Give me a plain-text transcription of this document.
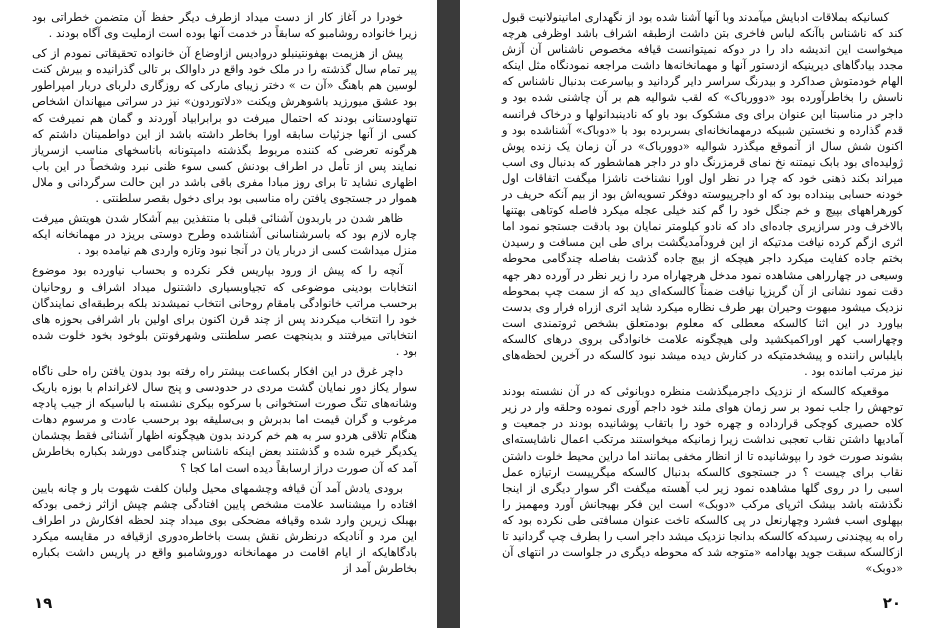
خودرا در آغاز کار از دست میداد ازطرف دیگر حفظ آن متضمن خطراتی بود زیرا خانواده روشامبو که سابقاً در خدمت آنها بوده است ازملیت وی آگاه بودند .

پیش از هزیمت بهفونتینبلو دروادیس ازاوضاع آن خانواده تحقیقاتی نمودم از کی پیر تمام سال گذشته را در ملک خود واقع در داوالک بر تالی گذرانیده و بیرش کنت لوسین هم باهنگ «آن ت » دختر زیبای مارکی که روزگاری دلربای دربار امپراطور بود عشق میورزید باشوهرش ویکنت «دلاتوردون» نیز در سراتی میهاندان اشخاص تنهاودستانی بودند که احتمال میرفت دو برابرابیاد آوردند و گمان هم نمیرفت که کسی از آنها جزئیات سابقه اورا بخاطر داشته باشد از این دواطمینان داشتم که هرگونه تعرضی که کننده مربوط بگذشته دامپتونانه باناسخهای مناسب ازسریاز نمایند پس از تأمل در اطراف بودنش کسی سوء ظنی نبرد وشخصاً در این باب اظهاری نشاید تا برای روز مبادا مفری باقی باشد در این حالت سرگردانی و ملال هموار در جستجوی یافتن راه مناسبی بود برای دخول بقصر سلطنتی .

ظاهر شدن در باربدون آشنائی قبلی با منتفذین بیم آشکار شدن هویتش میرفت چاره لازم بود که باسرشناسانی آشناشده وطرح دوستی بریزد در مهمانخانه ایکه منزل میداشت کسی از دربار یان در آنجا نبود وتازه واردی هم نیامده بود .

آنچه را که پیش از ورود بپاریس فکر نکرده و بحساب نیاورده بود موضوع انتخابات بودینی موضوعی که تجیاوبسیاری داشتنول میداد اشراف و روحانیان برحسب مراتب خانوادگی بامقام روحانی انتخاب نمیشدند بلکه برطبقه‌ای نمایندگان خود را انتخاب میکردند پس از چند قرن اکنون برای اولین بار اشرافی بحوزه های انتخاباتی میرفتند و بدینجهت عصر سلطنتی وشهرفونتن بلوخود بخود خلوت شده بود .

داچر غرق در این افکار بکساعت بیشتر راه رفته بود بدون یافتن راه حلی ناگاه سوار یکاز دور نمایان گشت مردی در حدودسی و پنج سال لاغراندام با بوزه باریک وشانه‌های تنگ صورت استخوانی با سرکوه بیکری نشسته با لباسیکه از جیب پادچه مرغوب و گران قیمت اما بدبرش و بی‌سلیقه بود برحسب عادت و مرسوم دهات هنگام تلاقی هردو سر به هم خم کردند بدون هیچگونه اظهار آشنائی فقط بچشمان یکدیگر خیره شده و گذشتند بعض اینکه ناشناس چندگامی دورشد بکباره بخاطرش آمد که آن صورت دراز ارسابقاً دیده است اما کجا ؟

برودی یادش آمد آن قیافه وچشمهای محیل ولبان کلفت شهوت بار و چانه بایین افتاده را میشناسد علامت مشخص پایین افتادگی چشم چپش ازاثر زخمی بودکه بهبلک زیرین وارد شده وقیافه مضحکی بوی میداد چند لحظه افکارش در اطراف این مرد و آنادیکه درنظرش نقش بست باخاطره‌دوری ازقیافه در مقایسه میکرد بادگاهایکه از ایام اقامت در مهمانخانه دوروشامبو واقع در پاریس داشت بکباره بخاطرش آمد از

۱۹

کسانیکه بملاقات ادبایش میآمدند وبا آنها آشنا شده بود از نگهداری امانینولانیت قبول کند که ناشناس باآنکه لباس فاخری بتن داشت ازطبقه اشراف باشد اوظرفی هرچه میخواست این اندیشه داد را در دوکه نمیتوانست قیافه مخصوص ناشناس آن آزش مجدد بیادگاهای دیرینیکه ازدستور آنها و مهمانخانه‌ها داشت مراجعه نمودنگاه مثل اینکه الهام خودمتوش صداکرد و بیدرنگ سراسر دایر گردانید و بیاسرعت بدنبال ناشناس که ناسش را بخاطرآورده بود «دوورباک» که لقب شوالیه هم بر آن چاشنی شده بود و داجر در مناسبتا این عنوان برای وی مشکوک بود باو که نادینبدانولها و درخاک فرانسه قدم گذارده و نخستین شبیکه درمهمانخانه‌ای بسربرده بود با «دوباک» آشناشده بود و اکنون شش سال از آنموقع میگذرد شوالیه «دوورباک» در آن زمان یک زنده پوش ژولیده‌ای بود بابک نیمتنه نخ نمای قرمزرنگ داو در داجر هماشطور که بدنبال وی اسب میراند بکند ذهنی خود که چرا در نظر اول اورا نشناخت ناشزا میگفت اتفاقات اول خودنه حسابی بینداده بود که او داجرپیوسته دوفکر تسویه‌اش بود از بیم آنکه حریف در کورهراههای بپیچ و خم جنگل خود را گم کند خیلی عجله میکرد فاصله کوتاهی بهتنها بالاخرف ودر سرازیری جاده‌ای داد که نادو کیلومتر نمایان بود بادقت جستجو نمود اما اثری ازگم کرده نیافت مدتیکه از این فرودآمدیگشت برای طی این مسافت و رسیدن بختم جاده کفایت میکرد داجر هیچکه از بیچ جاده گذشت بفاصله چندگامی محوطه وسیعی در چهارراهی مشاهده نمود مدخل هرچهاراه مرد را زیر نظر در آورده دهر جهه دقت نمود نشانی از آن گریزپا نیافت ضمناً کالسکه‌ای دید که از سمت چپ بمحوطه نزدیک میشود مبهوت وحیران بهر طرف نظاره میکرد شاید اثری ازراه فرار وی بدست بیاورد در این اثنا کالسکه معطلی که معلوم بودمتعلق بشخص ثروتمندی است وچهاراسب کهر اوراکمیکشید ولی هیچگونه علامت خانوادگی بروی درهای کالسکه بایلباس راننده و پیشخدمتیکه در کنارش دیده میشد نبود کالسکه در آخرین لحظه‌های نیز مرتب امانده بود .

موقعیکه کالسکه از نزدیک داجرمیگذشت منظره دوبانوئی که در آن نشسته بودند توجهش را جلب نمود بر سر زمان هوای ملند خود داجم آوری نموده وحلقه وار در زیر کلاه حصیری کوچکی قرارداده و چهره خود را باتقاب پوشانیده بودند در جمعیت و آمادیها داشتن نقاب تعجبی نداشت زیرا زمانیکه میخواستند مرتکب اعمال ناشایسته‌ای بشوند صورت خود را بپوشانیده تا از انظار مخفی بمانند اما دراین محیط خلوت داشتن نقاب برای چیست ؟ در جستجوی کالسکه بدنبال کالسکه میگرییست ارتیازه عمل اسبی را در روی گلها مشاهده نمود زیر لب آهسته میگفت اگر سوار دیگری از اینجا نگذشته باشد بیشک اثرپای مرکب «دوبک» است این فکر بهیجانش آورد ومهمیز را بپهلوی اسب فشرد وچهارنعل در پی کالسکه تاخت عنوان مسافتی طی نکرده بود که راه به پیچندنی رسیدکه کالسکه بدانجا نزدیک میشد داجر اسب را بطرف چپ گردانید تا ازکالسکه سبقت جوید بهادامه «متوجه شد که محوطه دیگری در جلواست در انتهای آن «دوبک»

۲۰
